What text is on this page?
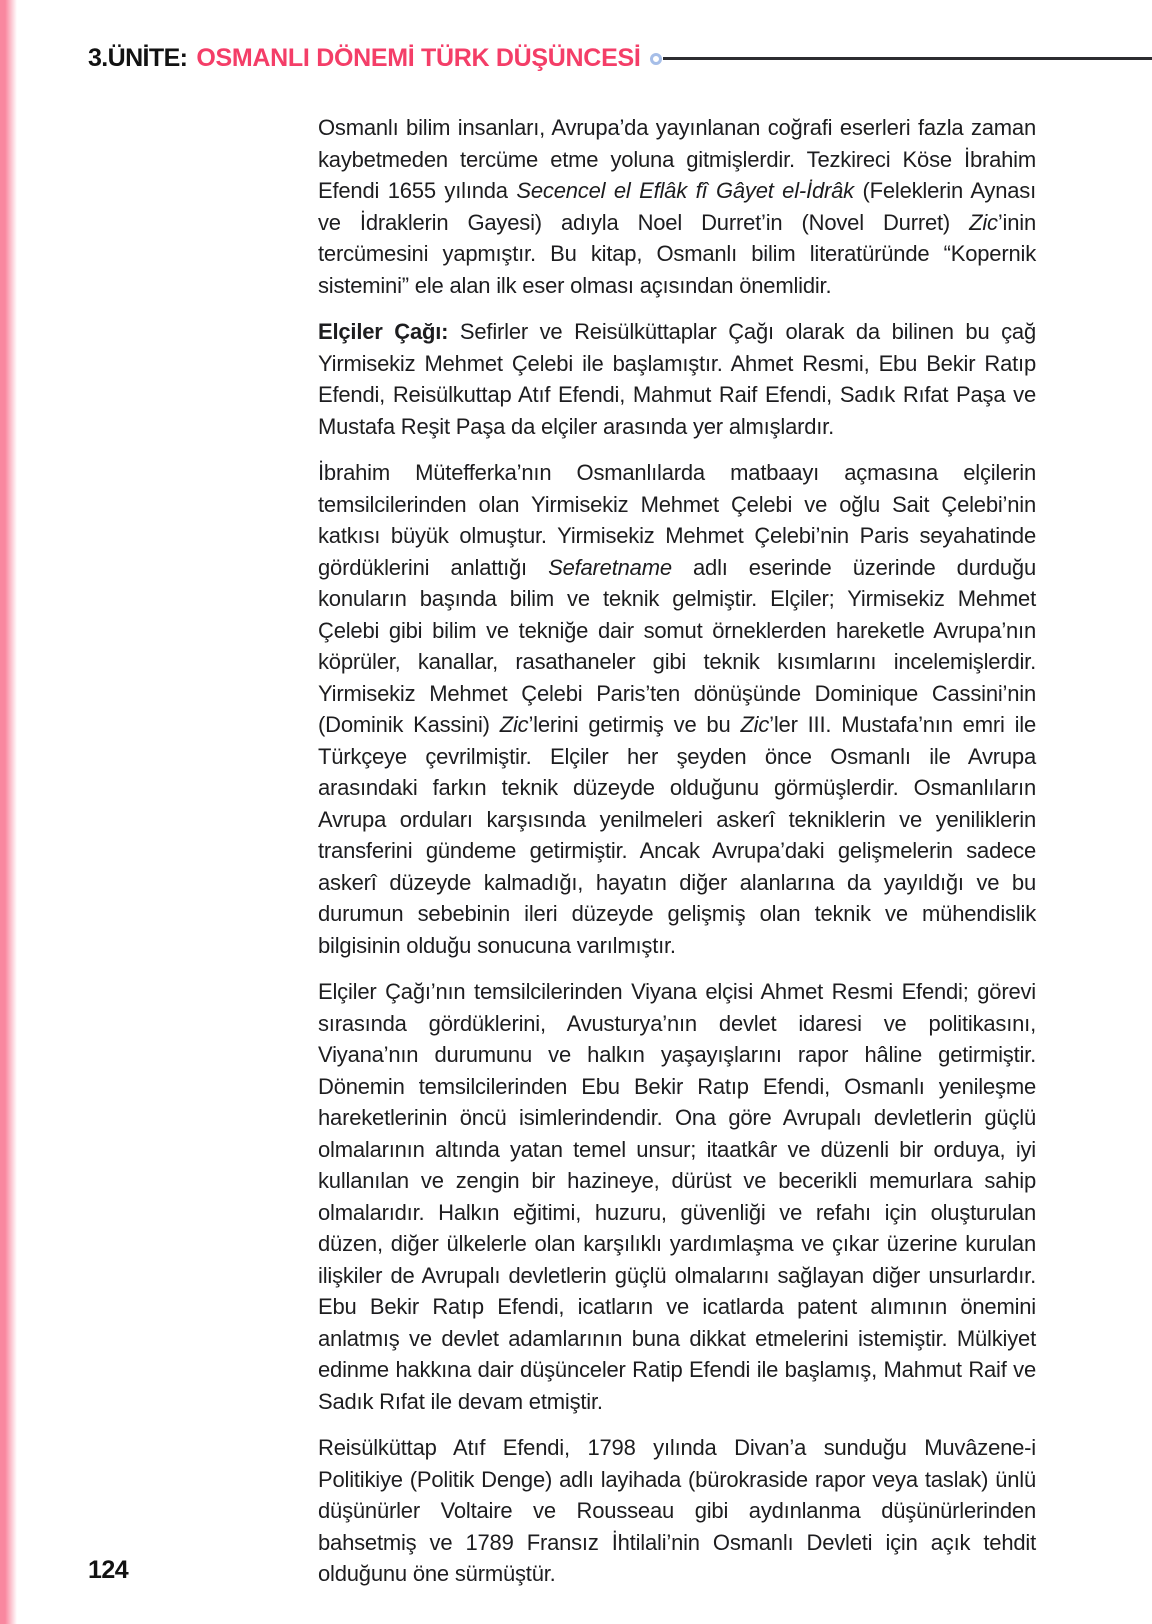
3.ÜNİTE: OSMANLI DÖNEMİ TÜRK DÜŞÜNCESİ

Osmanlı bilim insanları, Avrupa’da yayınlanan coğrafi eserleri fazla zaman kaybetmeden tercüme etme yoluna gitmişlerdir. Tezkireci Köse İbrahim Efendi 1655 yılında Secencel el Eflâk fî Gâyet el-İdrâk (Feleklerin Aynası ve İdraklerin Gayesi) adıyla Noel Durret’in (Novel Durret) Zic’inin tercümesini yapmıştır. Bu kitap, Osmanlı bilim literatüründe “Kopernik sistemini” ele alan ilk eser olması açısından önemlidir.

Elçiler Çağı: Sefirler ve Reisülküttaplar Çağı olarak da bilinen bu çağ Yirmisekiz Mehmet Çelebi ile başlamıştır. Ahmet Resmi, Ebu Bekir Ratıp Efendi, Reisülkuttap Atıf Efendi, Mahmut Raif Efendi, Sadık Rıfat Paşa ve Mustafa Reşit Paşa da elçiler arasında yer almışlardır.

İbrahim Mütefferka’nın Osmanlılarda matbaayı açmasına elçilerin temsilcilerinden olan Yirmisekiz Mehmet Çelebi ve oğlu Sait Çelebi’nin katkısı büyük olmuştur. Yirmisekiz Mehmet Çelebi’nin Paris seyahatinde gördüklerini anlattığı Sefaretname adlı eserinde üzerinde durduğu konuların başında bilim ve teknik gelmiştir. Elçiler; Yirmisekiz Mehmet Çelebi gibi bilim ve tekniğe dair somut örneklerden hareketle Avrupa’nın köprüler, kanallar, rasathaneler gibi teknik kısımlarını incelemişlerdir. Yirmisekiz Mehmet Çelebi Paris’ten dönüşünde Dominique Cassini’nin (Dominik Kassini) Zic’lerini getirmiş ve bu Zic’ler III. Mustafa’nın emri ile Türkçeye çevrilmiştir. Elçiler her şeyden önce Osmanlı ile Avrupa arasındaki farkın teknik düzeyde olduğunu görmüşlerdir. Osmanlıların Avrupa orduları karşısında yenilmeleri askerî tekniklerin ve yeniliklerin transferini gündeme getirmiştir. Ancak Avrupa’daki gelişmelerin sadece askerî düzeyde kalmadığı, hayatın diğer alanlarına da yayıldığı ve bu durumun sebebinin ileri düzeyde gelişmiş olan teknik ve mühendislik bilgisinin olduğu sonucuna varılmıştır.

Elçiler Çağı’nın temsilcilerinden Viyana elçisi Ahmet Resmi Efendi; görevi sırasında gördüklerini, Avusturya’nın devlet idaresi ve politikasını, Viyana’nın durumunu ve halkın yaşayışlarını rapor hâline getirmiştir. Dönemin temsilcilerinden Ebu Bekir Ratıp Efendi, Osmanlı yenileşme hareketlerinin öncü isimlerindendir. Ona göre Avrupalı devletlerin güçlü olmalarının altında yatan temel unsur; itaatkâr ve düzenli bir orduya, iyi kullanılan ve zengin bir hazineye, dürüst ve becerikli memurlara sahip olmalarıdır. Halkın eğitimi, huzuru, güvenliği ve refahı için oluşturulan düzen, diğer ülkelerle olan karşılıklı yardımlaşma ve çıkar üzerine kurulan ilişkiler de Avrupalı devletlerin güçlü olmalarını sağlayan diğer unsurlardır. Ebu Bekir Ratıp Efendi, icatların ve icatlarda patent alımının önemini anlatmış ve devlet adamlarının buna dikkat etmelerini istemiştir. Mülkiyet edinme hakkına dair düşünceler Ratip Efendi ile başlamış, Mahmut Raif ve Sadık Rıfat ile devam etmiştir.

Reisülküttap Atıf Efendi, 1798 yılında Divan’a sunduğu Muvâzene-i Politikiye (Politik Denge) adlı layihada (bürokraside rapor veya taslak) ünlü düşünürler Voltaire ve Rousseau gibi aydınlanma düşünürlerinden bahsetmiş ve 1789 Fransız İhtilali’nin Osmanlı Devleti için açık tehdit olduğunu öne sürmüştür.

124
